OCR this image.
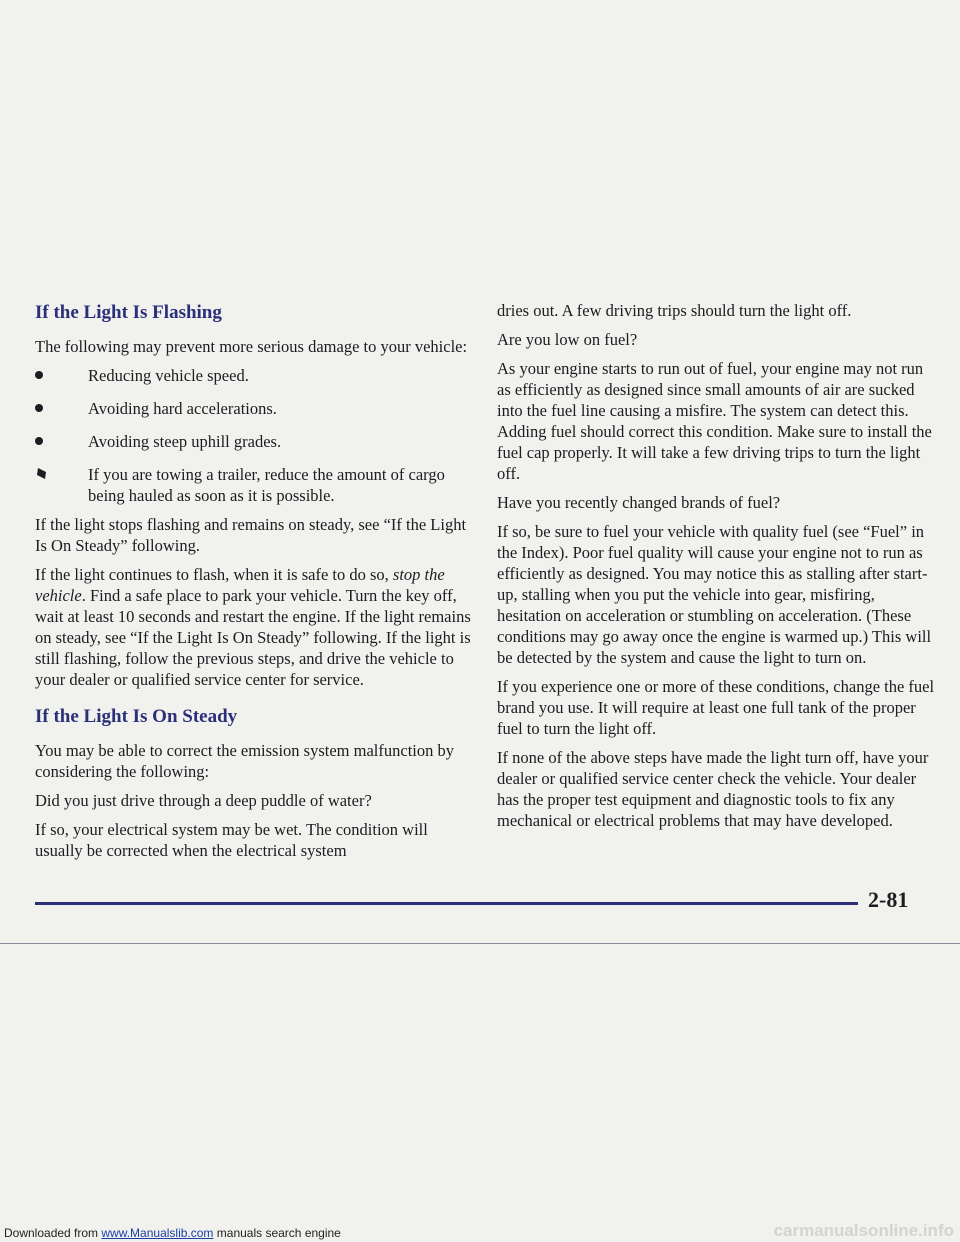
If the Light Is Flashing

The following may prevent more serious damage to your vehicle:

Reducing vehicle speed.
Avoiding hard accelerations.
Avoiding steep uphill grades.
If you are towing a trailer, reduce the amount of cargo being hauled as soon as it is possible.

If the light stops flashing and remains on steady, see “If the Light Is On Steady” following.

If the light continues to flash, when it is safe to do so, stop the vehicle. Find a safe place to park your vehicle. Turn the key off, wait at least 10 seconds and restart the engine. If the light remains on steady, see “If the Light Is On Steady” following. If the light is still flashing, follow the previous steps, and drive the vehicle to your dealer or qualified service center for service.

If the Light Is On Steady

You may be able to correct the emission system malfunction by considering the following:

Did you just drive through a deep puddle of water?

If so, your electrical system may be wet. The condition will usually be corrected when the electrical system

dries out. A few driving trips should turn the light off.

Are you low on fuel?

As your engine starts to run out of fuel, your engine may not run as efficiently as designed since small amounts of air are sucked into the fuel line causing a misfire. The system can detect this. Adding fuel should correct this condition. Make sure to install the fuel cap properly. It will take a few driving trips to turn the light off.

Have you recently changed brands of fuel?

If so, be sure to fuel your vehicle with quality fuel (see “Fuel” in the Index). Poor fuel quality will cause your engine not to run as efficiently as designed. You may notice this as stalling after start-up, stalling when you put the vehicle into gear, misfiring, hesitation on acceleration or stumbling on acceleration. (These conditions may go away once the engine is warmed up.) This will be detected by the system and cause the light to turn on.

If you experience one or more of these conditions, change the fuel brand you use. It will require at least one full tank of the proper fuel to turn the light off.

If none of the above steps have made the light turn off, have your dealer or qualified service center check the vehicle. Your dealer has the proper test equipment and diagnostic tools to fix any mechanical or electrical problems that may have developed.

2-81
Downloaded from www.Manualslib.com manuals search engine	carmanualsonline.info
